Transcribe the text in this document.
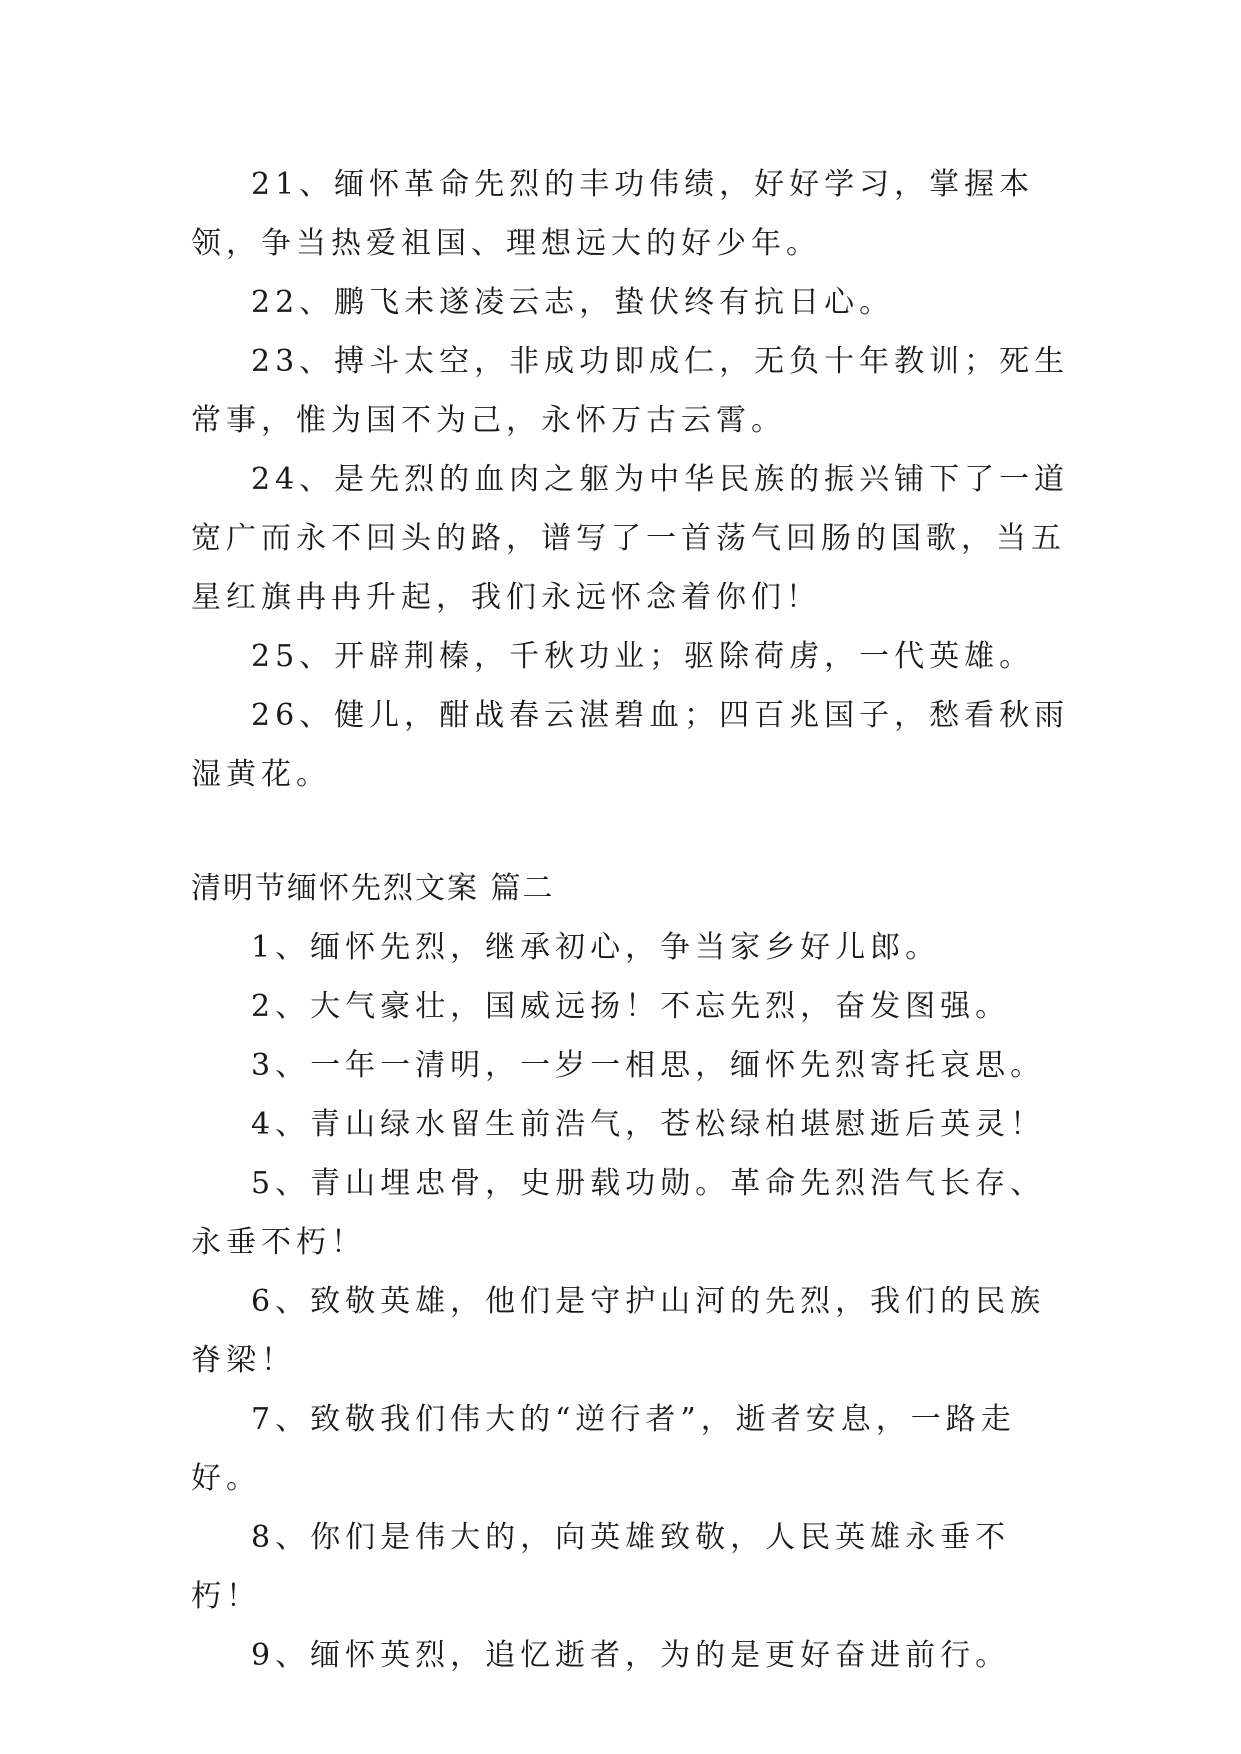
21、缅怀革命先烈的丰功伟绩，好好学习，掌握本领，争当热爱祖国、理想远大的好少年。

22、鹏飞未遂凌云志，蛰伏终有抗日心。

23、搏斗太空，非成功即成仁，无负十年教训；死生常事，惟为国不为己，永怀万古云霄。

24、是先烈的血肉之躯为中华民族的振兴铺下了一道宽广而永不回头的路，谱写了一首荡气回肠的国歌，当五星红旗冉冉升起，我们永远怀念着你们！

25、开辟荆榛，千秋功业；驱除荷虏，一代英雄。

26、健儿，酣战春云湛碧血；四百兆国子，愁看秋雨湿黄花。

清明节缅怀先烈文案 篇二

1、缅怀先烈，继承初心，争当家乡好儿郎。

2、大气豪壮，国威远扬！不忘先烈，奋发图强。

3、一年一清明，一岁一相思，缅怀先烈寄托哀思。

4、青山绿水留生前浩气，苍松绿柏堪慰逝后英灵！

5、青山埋忠骨，史册载功勋。革命先烈浩气长存、永垂不朽！

6、致敬英雄，他们是守护山河的先烈，我们的民族脊梁！

7、致敬我们伟大的“逆行者”，逝者安息，一路走好。

8、你们是伟大的，向英雄致敬，人民英雄永垂不朽！

9、缅怀英烈，追忆逝者，为的是更好奋进前行。
